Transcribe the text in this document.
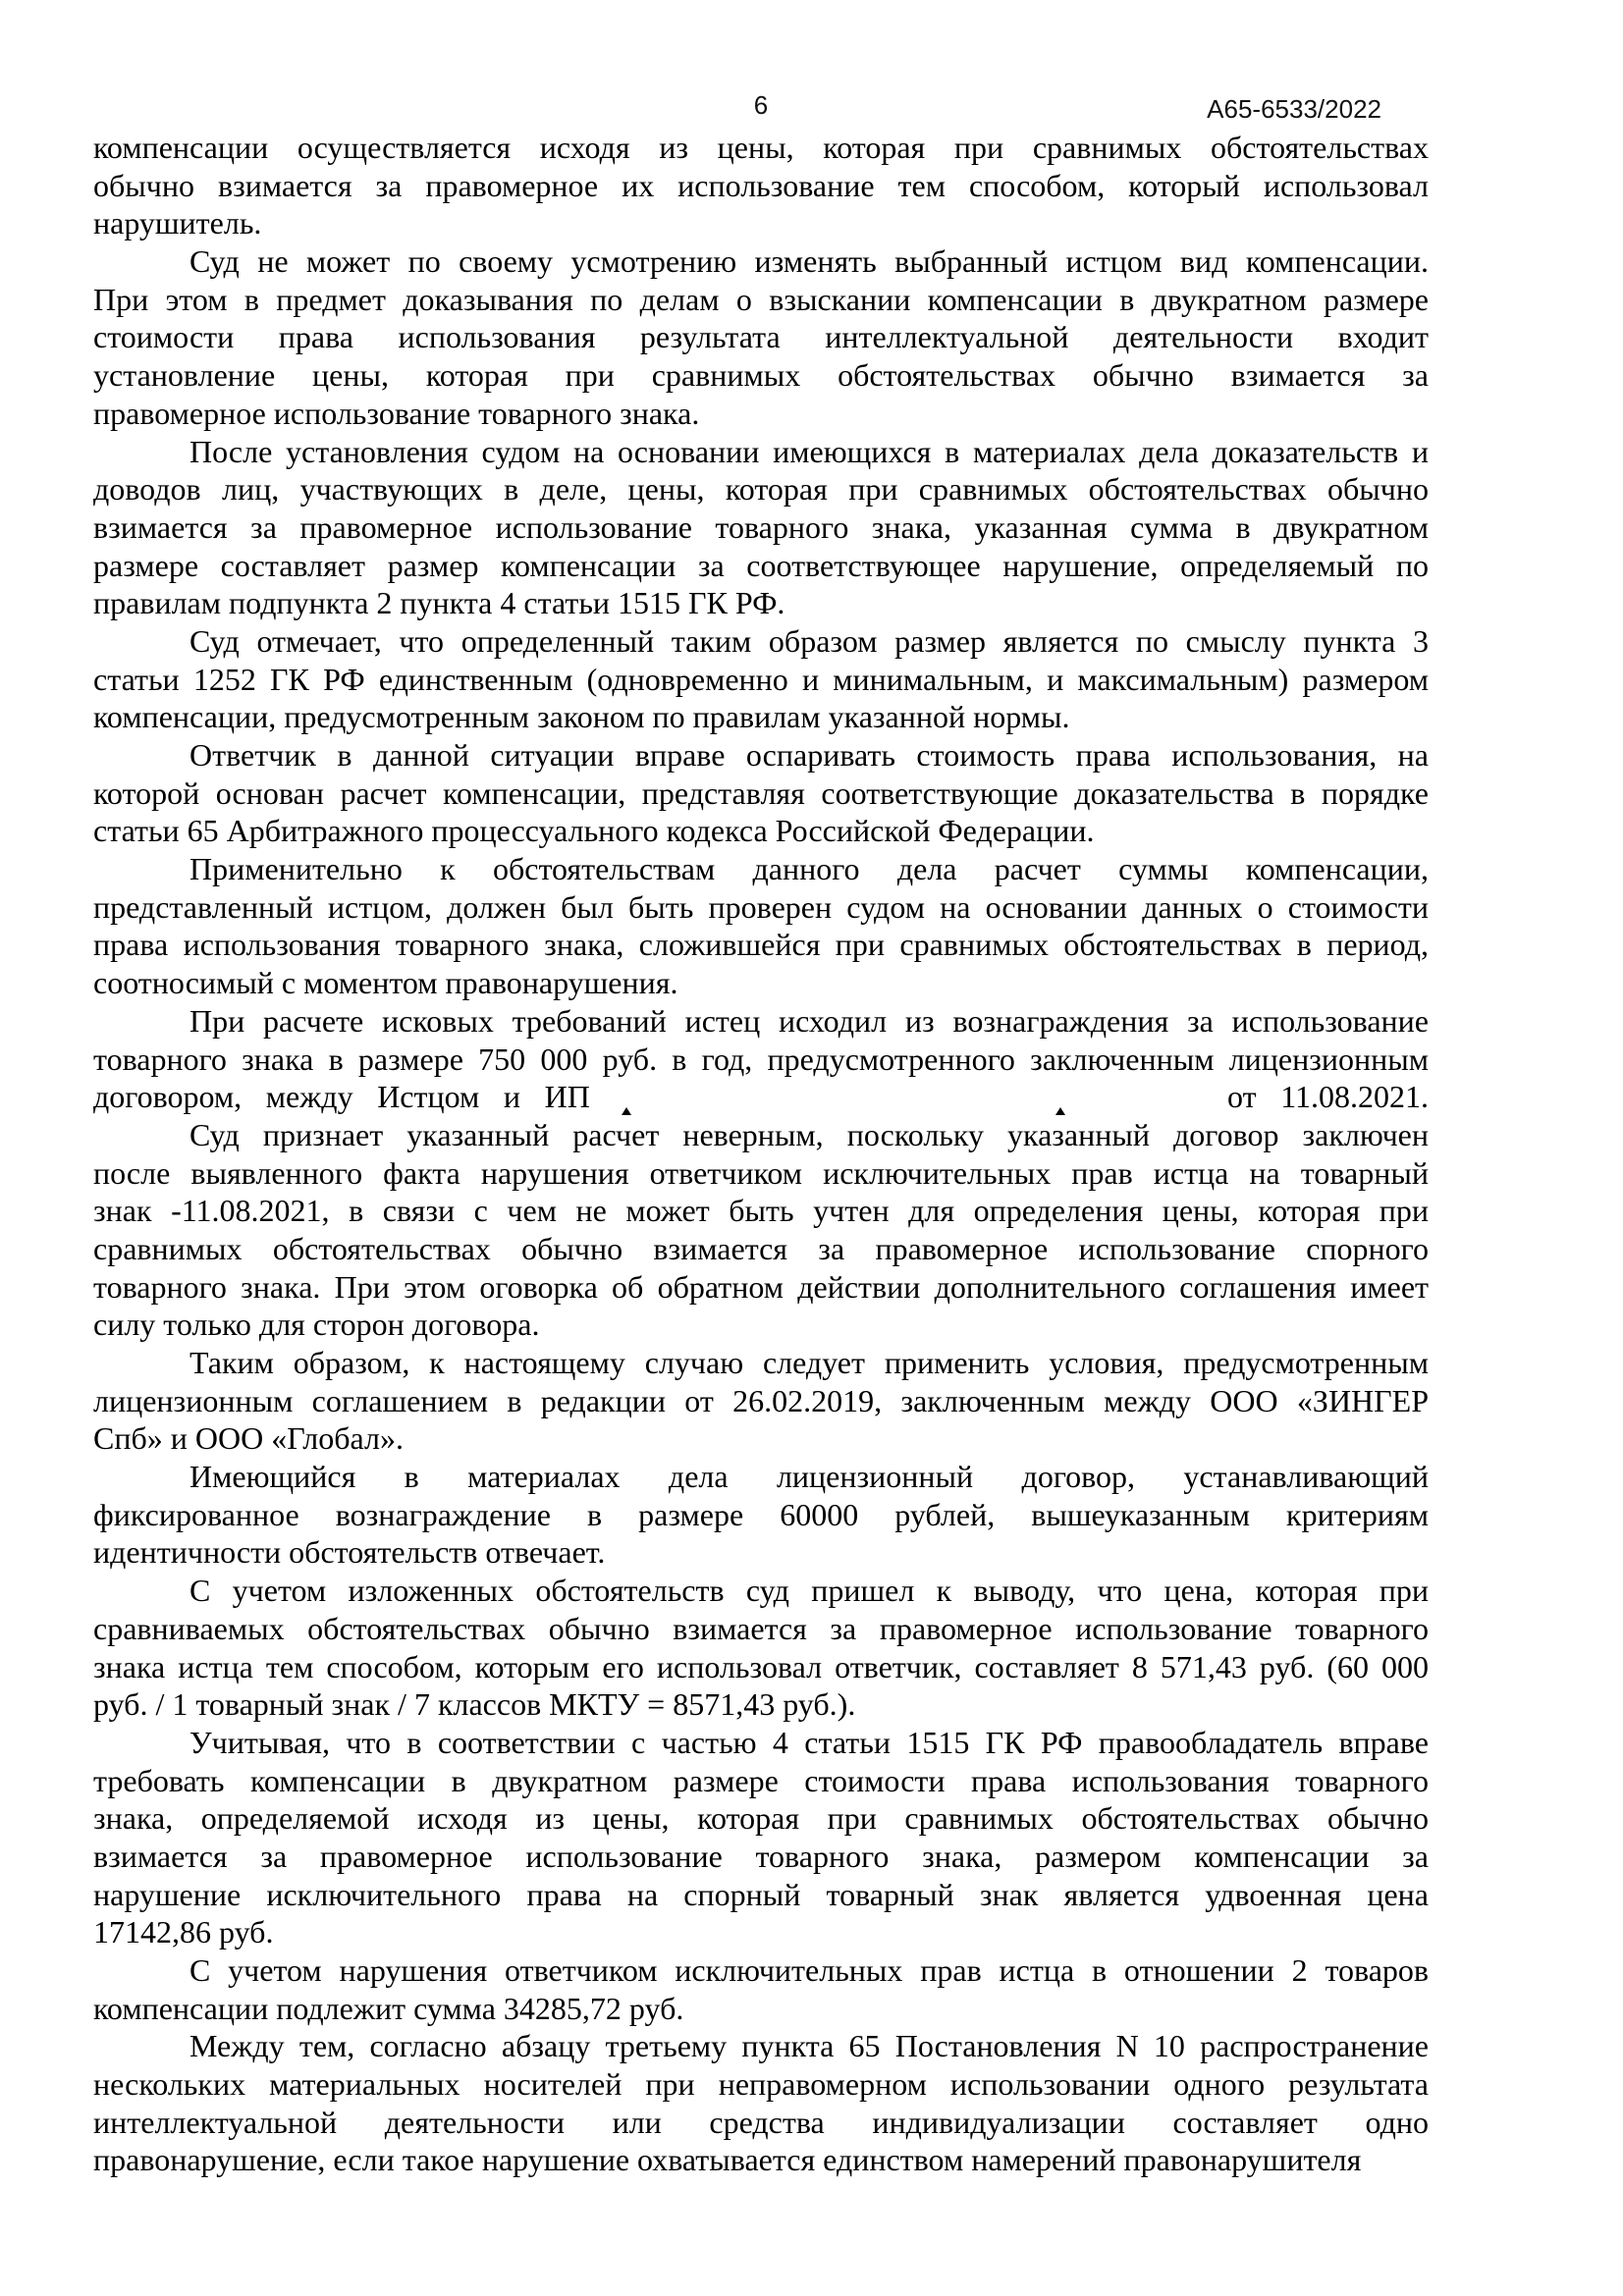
6	А65-6533/2022
компенсации осуществляется исходя из цены, которая при сравнимых обстоятельствах
обычно взимается за правомерное их использование тем способом, который использовал
нарушитель.
Суд не может по своему усмотрению изменять выбранный истцом вид компенсации.
При этом в предмет доказывания по делам о взыскании компенсации в двукратном размере
стоимости права использования результата интеллектуальной деятельности входит
установление цены, которая при сравнимых обстоятельствах обычно взимается за
правомерное использование товарного знака.
После установления судом на основании имеющихся в материалах дела доказательств и
доводов лиц, участвующих в деле, цены, которая при сравнимых обстоятельствах обычно
взимается за правомерное использование товарного знака, указанная сумма в двукратном
размере составляет размер компенсации за соответствующее нарушение, определяемый по
правилам подпункта 2 пункта 4 статьи 1515 ГК РФ.
Суд отмечает, что определенный таким образом размер является по смыслу пункта 3
статьи 1252 ГК РФ единственным (одновременно и минимальным, и максимальным) размером
компенсации, предусмотренным законом по правилам указанной нормы.
Ответчик в данной ситуации вправе оспаривать стоимость права использования, на
которой основан расчет компенсации, представляя соответствующие доказательства в порядке
статьи 65 Арбитражного процессуального кодекса Российской Федерации.
Применительно к обстоятельствам данного дела расчет суммы компенсации,
представленный истцом, должен был быть проверен судом на основании данных о стоимости
права использования товарного знака, сложившейся при сравнимых обстоятельствах в период,
соотносимый с моментом правонарушения.
При расчете исковых требований истец исходил из вознаграждения за использование
товарного знака в размере 750 000 руб. в год, предусмотренного заключенным лицензионным
договором, между Истцом и ИП	от 11.08.2021.
Суд признает указанный расчет неверным, поскольку указанный договор заключен
после выявленного факта нарушения ответчиком исключительных прав истца на товарный
знак -11.08.2021, в связи с чем не может быть учтен для определения цены, которая при
сравнимых обстоятельствах обычно взимается за правомерное использование спорного
товарного знака. При этом оговорка об обратном действии дополнительного соглашения имеет
силу только для сторон договора.
Таким образом, к настоящему случаю следует применить условия, предусмотренным
лицензионным соглашением в редакции от 26.02.2019, заключенным между ООО «ЗИНГЕР
Спб» и ООО «Глобал».
Имеющийся в материалах дела лицензионный договор, устанавливающий
фиксированное вознаграждение в размере 60000 рублей, вышеуказанным критериям
идентичности обстоятельств отвечает.
С учетом изложенных обстоятельств суд пришел к выводу, что цена, которая при
сравниваемых обстоятельствах обычно взимается за правомерное использование товарного
знака истца тем способом, которым его использовал ответчик, составляет 8 571,43 руб. (60 000
руб. / 1 товарный знак / 7 классов МКТУ = 8571,43 руб.).
Учитывая, что в соответствии с частью 4 статьи 1515 ГК РФ правообладатель вправе
требовать компенсации в двукратном размере стоимости права использования товарного
знака, определяемой исходя из цены, которая при сравнимых обстоятельствах обычно
взимается за правомерное использование товарного знака, размером компенсации за
нарушение исключительного права на спорный товарный знак является удвоенная цена
17142,86 руб.
С учетом нарушения ответчиком исключительных прав истца в отношении 2 товаров
компенсации подлежит сумма 34285,72 руб.
Между тем, согласно абзацу третьему пункта 65 Постановления N 10 распространение
нескольких материальных носителей при неправомерном использовании одного результата
интеллектуальной деятельности или средства индивидуализации составляет одно
правонарушение, если такое нарушение охватывается единством намерений правонарушителя
